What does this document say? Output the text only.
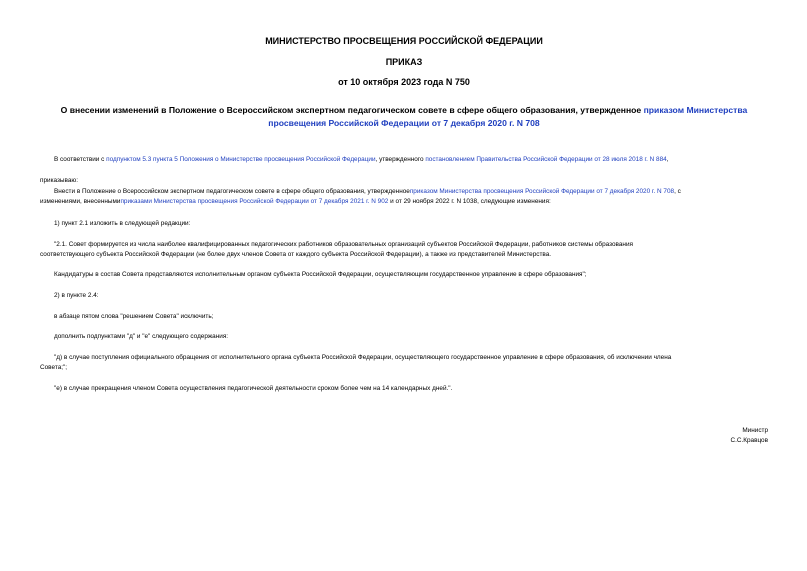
МИНИСТЕРСТВО ПРОСВЕЩЕНИЯ РОССИЙСКОЙ ФЕДЕРАЦИИ
ПРИКАЗ
от 10 октября 2023 года N 750
О внесении изменений в Положение о Всероссийском экспертном педагогическом совете в сфере общего образования, утвержденное приказом Министерства
просвещения Российской Федерации от 7 декабря 2020 г. N 708
В соответствии с подпунктом 5.3 пункта 5 Положения о Министерстве просвещения Российской Федерации, утвержденного постановлением Правительства Российской Федерации от 28 июля 2018 г. N 884,
приказываю:
Внести в Положение о Всероссийском экспертном педагогическом совете в сфере общего образования, утвержденноеприказом Министерства просвещения Российской Федерации от 7 декабря 2020 г. N 708, с
изменениями, внесеннымиприказами Министерства просвещения Российской Федерации от 7 декабря 2021 г. N 902 и от 29 ноября 2022 г. N 1038, следующие изменения:
1) пункт 2.1 изложить в следующей редакции:
"2.1. Совет формируется из числа наиболее квалифицированных педагогических работников образовательных организаций субъектов Российской Федерации, работников системы образования
соответствующего субъекта Российской Федерации (не более двух членов Совета от каждого субъекта Российской Федерации), а также из представителей Министерства.
Кандидатуры в состав Совета представляются исполнительным органом субъекта Российской Федерации, осуществляющим государственное управление в сфере образования";
2) в пункте 2.4:
в абзаце пятом слова "решением Совета" исключить;
дополнить подпунктами "д" и "е" следующего содержания:
"д) в случае поступления официального обращения от исполнительного органа субъекта Российской Федерации, осуществляющего государственное управление в сфере образования, об исключении члена
Совета;";
"е) в случае прекращения членом Совета осуществления педагогической деятельности сроком более чем на 14 календарных дней.".
Министр
С.С.Кравцов
